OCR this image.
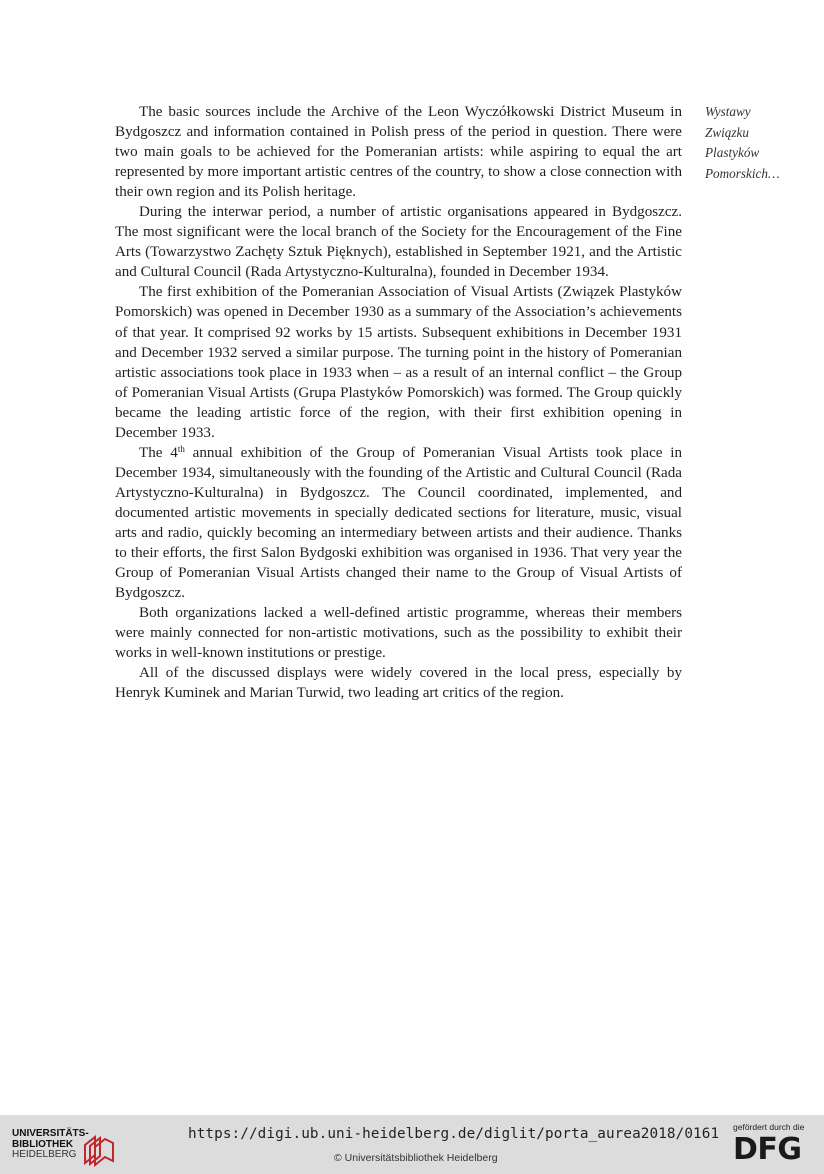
The basic sources include the Archive of the Leon Wyczółkowski District Museum in Bydgoszcz and information contained in Polish press of the period in question. There were two main goals to be achieved for the Pomeranian artists: while aspiring to equal the art represented by more important artistic centres of the country, to show a close connection with their own region and its Polish heritage.

During the interwar period, a number of artistic organisations appeared in Bydgoszcz. The most significant were the local branch of the Society for the Encouragement of the Fine Arts (Towarzystwo Zachęty Sztuk Pięknych), established in September 1921, and the Artistic and Cultural Council (Rada Artystyczno-Kulturalna), founded in December 1934.

The first exhibition of the Pomeranian Association of Visual Artists (Związek Plastyków Pomorskich) was opened in December 1930 as a summary of the Association’s achievements of that year. It comprised 92 works by 15 artists. Subsequent exhibitions in December 1931 and December 1932 served a similar purpose. The turning point in the history of Pomeranian artistic associations took place in 1933 when – as a result of an internal conflict – the Group of Pomeranian Visual Artists (Grupa Plastyków Pomorskich) was formed. The Group quickly became the leading artistic force of the region, with their first exhibition opening in December 1933.

The 4th annual exhibition of the Group of Pomeranian Visual Artists took place in December 1934, simultaneously with the founding of the Artistic and Cultural Council (Rada Artystyczno-Kulturalna) in Bydgoszcz. The Council coordinated, implemented, and documented artistic movements in specially dedicated sections for literature, music, visual arts and radio, quickly becoming an intermediary between artists and their audience. Thanks to their efforts, the first Salon Bydgoski exhibition was organised in 1936. That very year the Group of Pomeranian Visual Artists changed their name to the Group of Visual Artists of Bydgoszcz.

Both organizations lacked a well-defined artistic programme, whereas their members were mainly connected for non-artistic motivations, such as the possibility to exhibit their works in well-known institutions or prestige.

All of the discussed displays were widely covered in the local press, especially by Henryk Kuminek and Marian Turwid, two leading art critics of the region.

Wystawy
Związku
Plastyków
Pomorskich…
UNIVERSITÄTS-
BIBLIOTHEK
HEIDELBERG
https://digi.ub.uni-heidelberg.de/diglit/porta_aurea2018/0161
© Universitätsbibliothek Heidelberg
gefördert durch die
DFG
